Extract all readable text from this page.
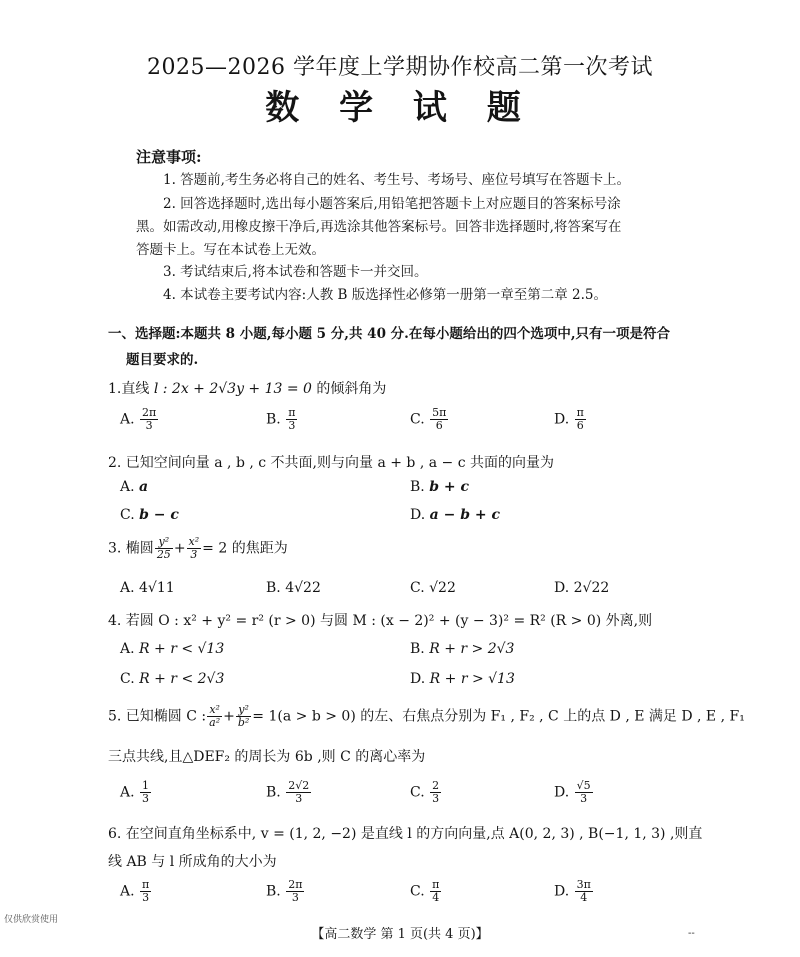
2025—2026 学年度上学期协作校高二第一次考试
数 学 试 题
注意事项:
1. 答题前,考生务必将自己的姓名、考生号、考场号、座位号填写在答题卡上。
2. 回答选择题时,选出每小题答案后,用铅笔把答题卡上对应题目的答案标号涂
黑。如需改动,用橡皮擦干净后,再选涂其他答案标号。回答非选择题时,将答案写在
答题卡上。写在本试卷上无效。
3. 考试结束后,将本试卷和答题卡一并交回。
4. 本试卷主要考试内容:人教 B 版选择性必修第一册第一章至第二章 2.5。
一、选择题:本题共 8 小题,每小题 5 分,共 40 分.在每小题给出的四个选项中,只有一项是符合
题目要求的.
1.直线 l : 2x + 2√3y + 13 = 0 的倾斜角为
A. $\frac{2\pi}{3}$	B. $\frac{\pi}{3}$	C. $\frac{5\pi}{6}$	D. $\frac{\pi}{6}$
2. 已知空间向量 a , b , c 不共面,则与向量 a + b , a − c 共面的向量为
A. a	B. b + c
C. b − c	D. a − b + c
3. 椭圆 $\frac{\text{y²}}{25} + \frac{\text{x²}}{3} = 2$ 的焦距为
A. 4√11	B. 4√22	C. √22	D. 2√22
4. 若圆 O : x² + y² = r² (r > 0) 与圆 M : (x − 2)² + (y − 3)² = R² (R > 0) 外离,则
A. R + r < √13	B. R + r > 2√3
C. R + r < 2√3	D. R + r > √13
5. 已知椭圆 C : $\frac{\text{x²}}{\text{a²}} + \frac{\text{y²}}{\text{b²}} = 1(a > b > 0)$ 的左、右焦点分别为 F₁ , F₂ , C 上的点 D , E 满足 D , E , F₁
三点共线,且△DEF₂ 的周长为 6b ,则 C 的离心率为
A. $\frac{1}{3}$	B. $\frac{2√2}{3}$	C. $\frac{2}{3}$	D. $\frac{√5}{3}$
6. 在空间直角坐标系中, v = (1, 2, −2) 是直线 l 的方向向量,点 A(0, 2, 3) , B(−1, 1, 3) ,则直
线 AB 与 l 所成角的大小为
A. $\frac{\pi}{3}$	B. $\frac{2\pi}{3}$	C. $\frac{\pi}{4}$	D. $\frac{3\pi}{4}$
仅供欣赏使用
【高二数学 第 1 页(共 4 页)】	--
